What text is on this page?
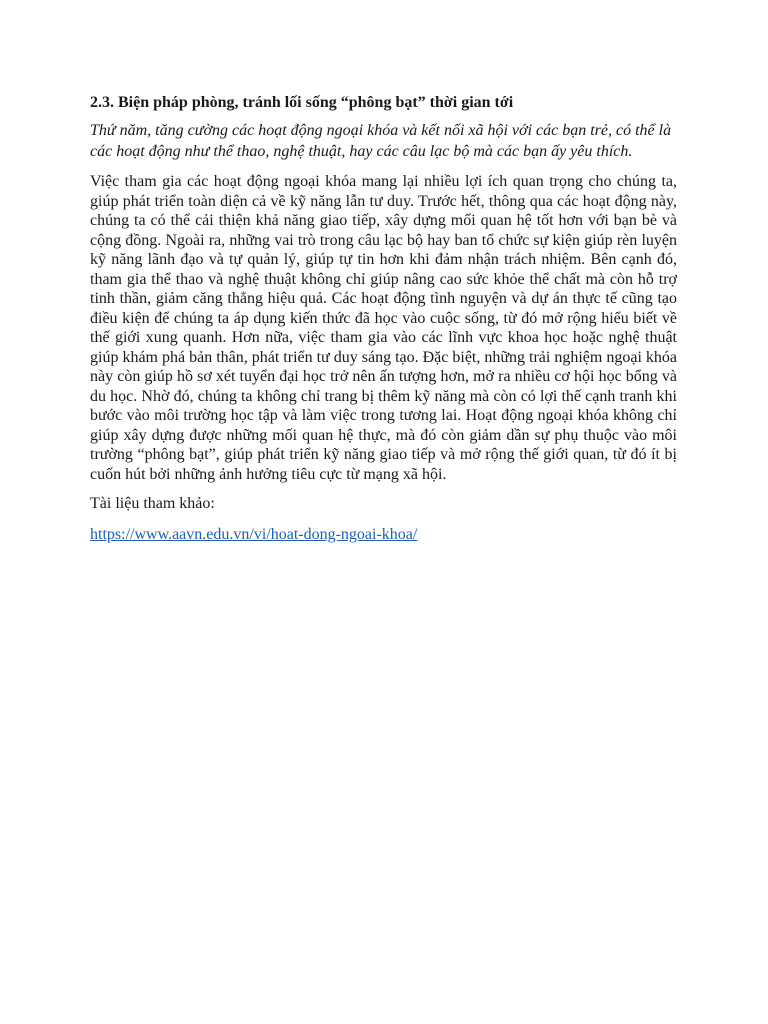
2.3. Biện pháp phòng, tránh lối sống “phông bạt” thời gian tới
Thứ năm, tăng cường các hoạt động ngoại khóa và kết nối xã hội với các bạn trẻ, có thể là các hoạt động như thể thao, nghệ thuật, hay các câu lạc bộ mà các bạn ấy yêu thích.
Việc tham gia các hoạt động ngoại khóa mang lại nhiều lợi ích quan trọng cho chúng ta, giúp phát triển toàn diện cả về kỹ năng lẫn tư duy. Trước hết, thông qua các hoạt động này, chúng ta có thể cải thiện khả năng giao tiếp, xây dựng mối quan hệ tốt hơn với bạn bè và cộng đồng. Ngoài ra, những vai trò trong câu lạc bộ hay ban tổ chức sự kiện giúp rèn luyện kỹ năng lãnh đạo và tự quản lý, giúp tự tin hơn khi đảm nhận trách nhiệm. Bên cạnh đó, tham gia thể thao và nghệ thuật không chỉ giúp nâng cao sức khỏe thể chất mà còn hỗ trợ tinh thần, giảm căng thẳng hiệu quả. Các hoạt động tình nguyện và dự án thực tế cũng tạo điều kiện để chúng ta áp dụng kiến thức đã học vào cuộc sống, từ đó mở rộng hiểu biết về thế giới xung quanh. Hơn nữa, việc tham gia vào các lĩnh vực khoa học hoặc nghệ thuật giúp khám phá bản thân, phát triển tư duy sáng tạo. Đặc biệt, những trải nghiệm ngoại khóa này còn giúp hồ sơ xét tuyển đại học trở nên ấn tượng hơn, mở ra nhiều cơ hội học bổng và du học. Nhờ đó, chúng ta không chỉ trang bị thêm kỹ năng mà còn có lợi thế cạnh tranh khi bước vào môi trường học tập và làm việc trong tương lai. Hoạt động ngoại khóa không chỉ giúp xây dựng được những mối quan hệ thực, mà đó còn giảm dần sự phụ thuộc vào môi trường “phông bạt”, giúp phát triển kỹ năng giao tiếp và mở rộng thế giới quan, từ đó ít bị cuốn hút bởi những ảnh hưởng tiêu cực từ mạng xã hội.
Tài liệu tham khảo:
https://www.aavn.edu.vn/vi/hoat-dong-ngoai-khoa/
